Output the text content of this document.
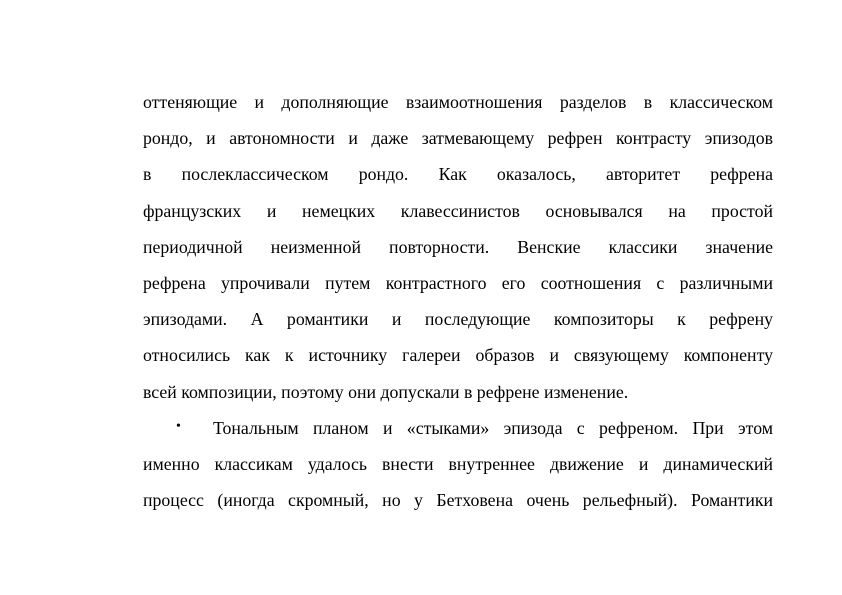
оттеняющие и дополняющие взаимоотношения разделов в классическом
рондо, и автономности и даже затмевающему рефрен контрасту эпизодов
в послеклассическом рондо. Как оказалось, авторитет рефрена
французских и немецких клавессинистов основывался на простой
периодичной неизменной повторности. Венские классики значение
рефрена упрочивали путем контрастного его соотношения с различными
эпизодами. А романтики и последующие композиторы к рефрену
относились как к источнику галереи образов и связующему компоненту
всей композиции, поэтому они допускали в рефрене изменение.
• Тональным планом и «стыками» эпизода с рефреном. При этом
именно классикам удалось внести внутреннее движение и динамический
процесс (иногда скромный, но у Бетховена очень рельефный). Романтики
